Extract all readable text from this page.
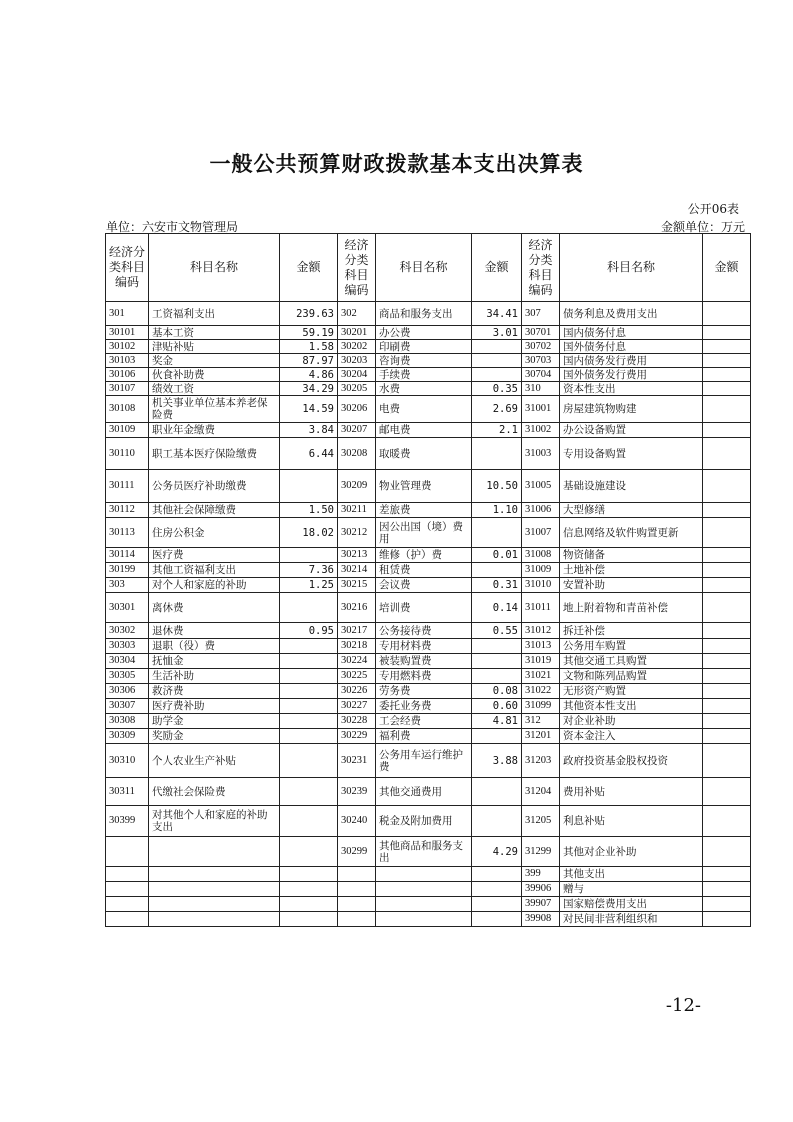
一般公共预算财政拨款基本支出决算表
公开06表
单位：六安市文物管理局	金额单位：万元
经济分类科目编码	科目名称	金额	经济分类科目编码	科目名称	金额	经济分类科目编码	科目名称	金额
301	工资福利支出	239.63	302	商品和服务支出	34.41	307	债务利息及费用支出	
30101	基本工资	59.19	30201	办公费	3.01	30701	国内债务付息	
30102	津贴补贴	1.58	30202	印刷费		30702	国外债务付息	
30103	奖金	87.97	30203	咨询费		30703	国内债务发行费用	
30106	伙食补助费	4.86	30204	手续费		30704	国外债务发行费用	
30107	绩效工资	34.29	30205	水费	0.35	310	资本性支出	
30108	机关事业单位基本养老保险费	14.59	30206	电费	2.69	31001	房屋建筑物购建	
30109	职业年金缴费	3.84	30207	邮电费	2.1	31002	办公设备购置	
30110	职工基本医疗保险缴费	6.44	30208	取暖费		31003	专用设备购置	
30111	公务员医疗补助缴费		30209	物业管理费	10.50	31005	基础设施建设	
30112	其他社会保障缴费	1.50	30211	差旅费	1.10	31006	大型修缮	
30113	住房公积金	18.02	30212	因公出国（境）费用		31007	信息网络及软件购置更新	
30114	医疗费		30213	维修（护）费	0.01	31008	物资储备	
30199	其他工资福利支出	7.36	30214	租赁费		31009	土地补偿	
303	对个人和家庭的补助	1.25	30215	会议费	0.31	31010	安置补助	
30301	离休费		30216	培训费	0.14	31011	地上附着物和青苗补偿	
30302	退休费	0.95	30217	公务接待费	0.55	31012	拆迁补偿	
30303	退职（役）费		30218	专用材料费		31013	公务用车购置	
30304	抚恤金		30224	被装购置费		31019	其他交通工具购置	
30305	生活补助		30225	专用燃料费		31021	文物和陈列品购置	
30306	救济费		30226	劳务费	0.08	31022	无形资产购置	
30307	医疗费补助		30227	委托业务费	0.60	31099	其他资本性支出	
30308	助学金		30228	工会经费	4.81	312	对企业补助	
30309	奖励金		30229	福利费		31201	资本金注入	
30310	个人农业生产补贴		30231	公务用车运行维护费	3.88	31203	政府投资基金股权投资	
30311	代缴社会保险费		30239	其他交通费用		31204	费用补贴	
30399	对其他个人和家庭的补助支出		30240	税金及附加费用		31205	利息补贴	
			30299	其他商品和服务支出	4.29	31299	其他对企业补助	
						399	其他支出	
						39906	赠与	
						39907	国家赔偿费用支出	
						39908	对民间非营利组织和	
-12-
